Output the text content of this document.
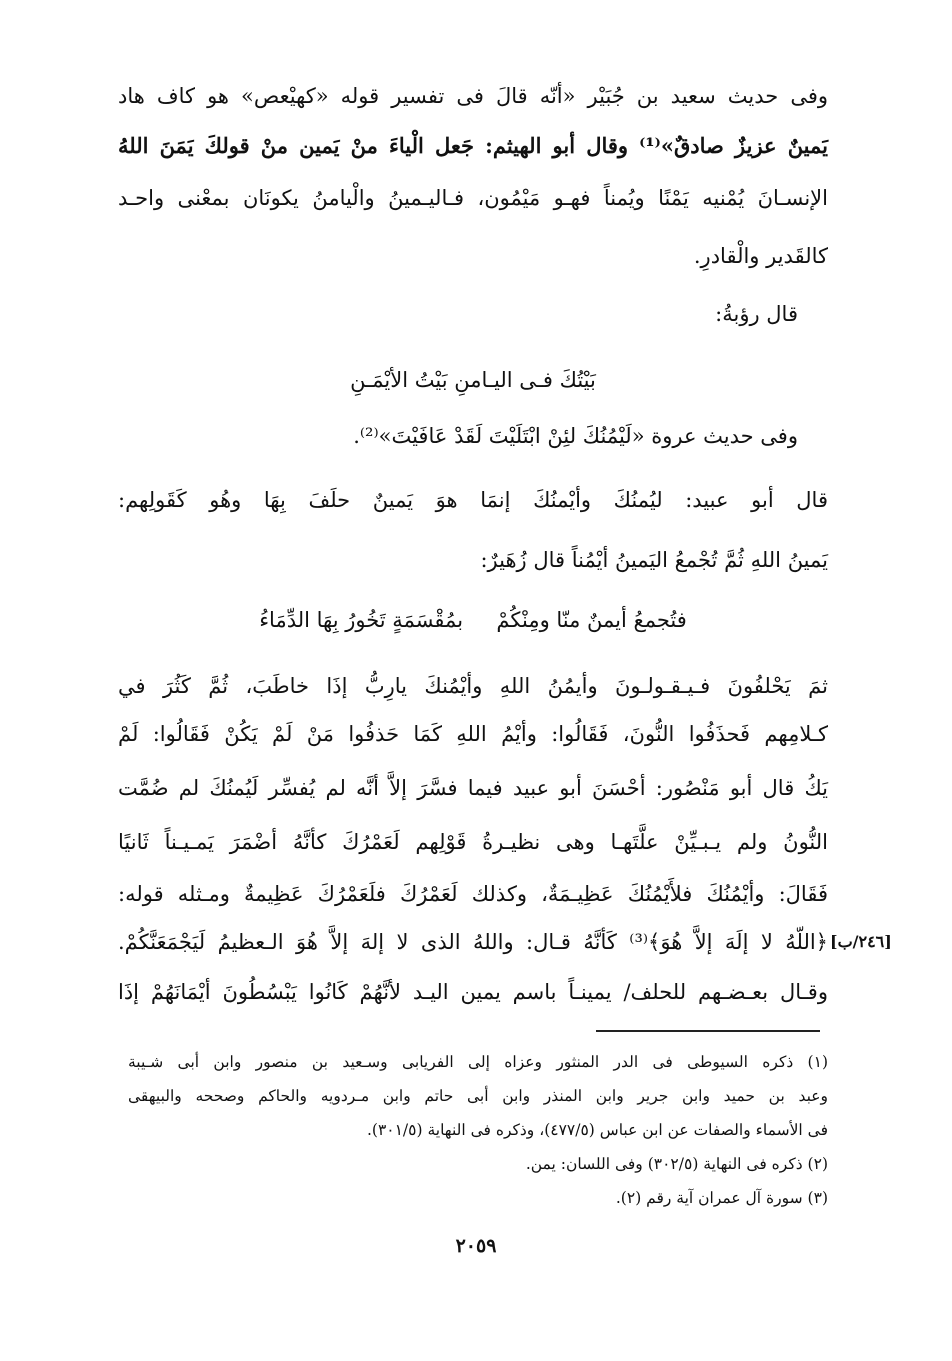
وفى حديث سعيد بن جُبَيْر «أنّه قالَ فى تفسير قوله «كهيْعص» هو كاف هاد
يَمينٌ عزيزٌ صادقٌ»⁽¹⁾ وقال أبو الهيثم: جَعل الْياءَ منْ يَمين منْ قولكَ يَمَنَ اللهُ
الإنسـانَ يُمْنيه يَمْنًا ويُمناً فهـو مَيْمُون، فـاليـمينُ والْيامنُ يكونَان بمعْنى واحـد
كالقَدير والْقادرِ.
قال رؤبةُ:
بَيْتُكَ فـى اليـامنِ بَيْتُ الأيْمَـنِ
وفى حديث عروة «لَيْمُنُكَ لئِنْ ابْتَلَيْتَ لَقَدْ عَافَيْتَ»⁽²⁾.
قال أبو عبيد: ليُمنُكَ وأيْمنُكَ إنمَا هوَ يَمينٌ حلَفَ بِهَا وهُو كَقَولِهم:
يَمينُ اللهِ ثُمَّ تُجْمعُ اليَمينُ أيْمُناً قال زُهَيرٌ:
فتُجمعُ أيمنٌ منّا ومِنْكُمْ     بمُقْسَمَةٍ تَخُورُ بِهَا الدِّمَاءُ
ثمَ يَحْلفُونَ فـيـقـولـونَ وأيمُنُ اللهِ وأيْمُنكَ يارِبُّ إذَا خاطَبَ، ثُمَّ كَثُرَ في
كـلامِهم فَحذَفُوا النُّونَ، فَقَالُوا: وأيْمُ اللهِ كَمَا حَذفُوا مَنْ لَمْ يَكُنْ فَقَالُوا: لَمْ
يَكُ قال أبو مَنْصُور: أحْسَنَ أبو عبيد فيما فسَّرَ إلاَّ أنَّه لم يُفسِّر لَيُمنُكَ لم ضُمَّت
النُّونُ ولم يـبـيِّنْ علَّتَهـا وهى نظيـرةُ قَوْلِهم لَعَمْرُكَ كأنَّهُ أضْمَرَ يَمـيـناً ثَانيًا
فَقَالَ: وأيْمُنُكَ فلأَيْمُنُكَ عَظِيـمَةٌ، وكذلك لَعَمْرُكَ فلَعَمْرُكَ عَظِيمةٌ ومـثله قوله:
﴿اللّهُ لا إلَهَ إلاَّ هُوَ﴾⁽³⁾ كَأنَّهُ قـال: واللهُ الذى لا إلهَ إلاَّ هُوَ الـعظيمُ لَيَجْمَعَنَّكُمْ.
وقـال بعـضـهم للحلف/ يمينـاً باسم يمين اليـد لأنَّهُمْ كَانُوا يَبْسُطُونَ أيْمَانَهُمْ إذَا
[٢٤٦/ب]
(١) ذكره السيوطى فى الدر المنثور وعزاه إلى الفريابى وسـعيد بن منصور وابن أبى شـيبة
وعبد بن حميد وابن جرير وابن المنذر وابن أبى حاتم وابن مـردويه والحاكم وصححه والبيهقى
فى الأسماء والصفات عن ابن عباس (٤٧٧/٥)، وذكره فى النهاية (٣٠١/٥).
(٢) ذكره فى النهاية (٣٠٢/٥) وفى اللسان: يمن.
(٣) سورة آل عمران آية رقم (٢).
٢٠٥٩
